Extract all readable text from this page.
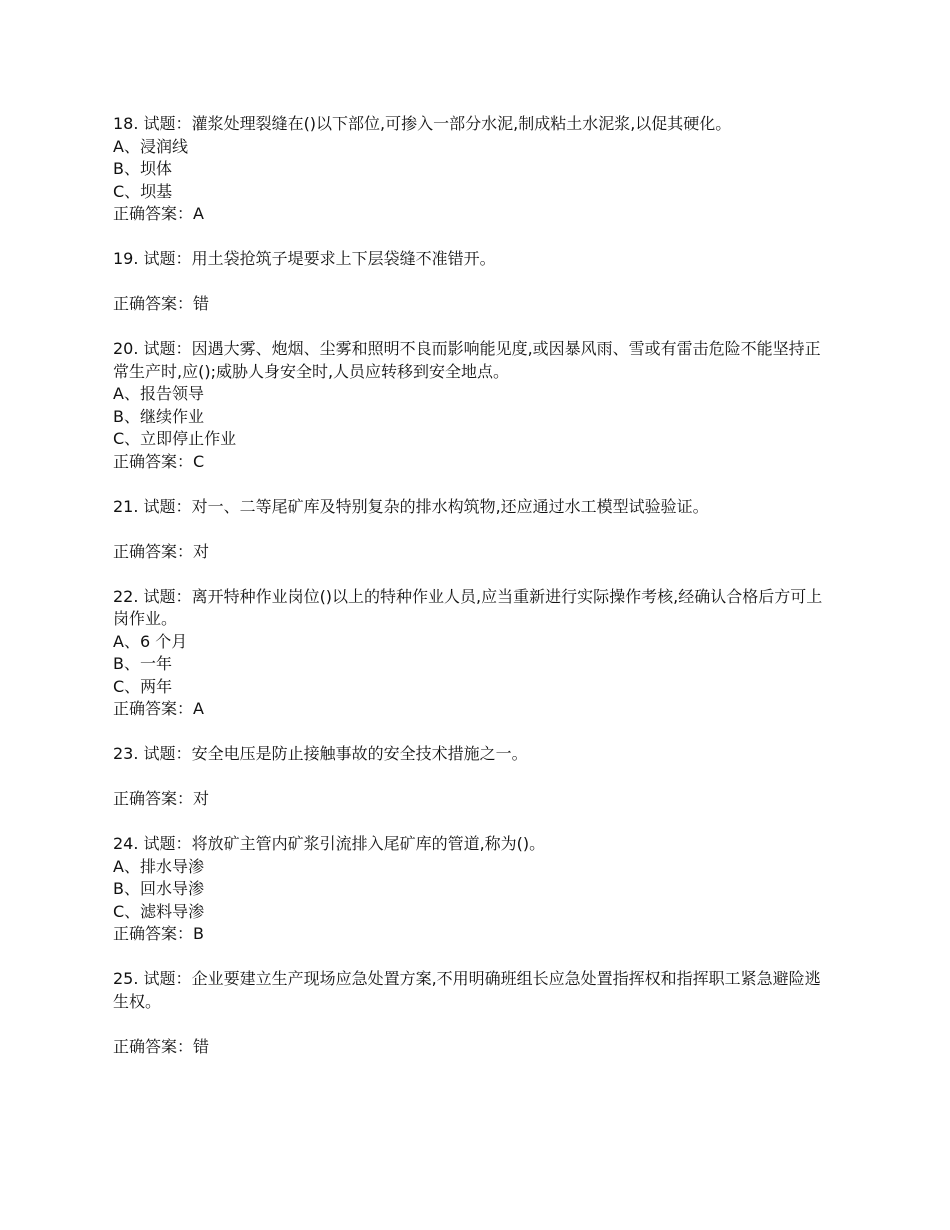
18. 试题：灌浆处理裂缝在()以下部位,可掺入一部分水泥,制成粘土水泥浆,以促其硬化。
A、浸润线
B、坝体
C、坝基
正确答案：A
19. 试题：用土袋抢筑子堤要求上下层袋缝不准错开。
正确答案：错
20. 试题：因遇大雾、炮烟、尘雾和照明不良而影响能见度,或因暴风雨、雪或有雷击危险不能坚持正常生产时,应();威胁人身安全时,人员应转移到安全地点。
A、报告领导
B、继续作业
C、立即停止作业
正确答案：C
21. 试题：对一、二等尾矿库及特别复杂的排水构筑物,还应通过水工模型试验验证。
正确答案：对
22. 试题：离开特种作业岗位()以上的特种作业人员,应当重新进行实际操作考核,经确认合格后方可上岗作业。
A、6 个月
B、一年
C、两年
正确答案：A
23. 试题：安全电压是防止接触事故的安全技术措施之一。
正确答案：对
24. 试题：将放矿主管内矿浆引流排入尾矿库的管道,称为()。
A、排水导渗
B、回水导渗
C、滤料导渗
正确答案：B
25. 试题：企业要建立生产现场应急处置方案,不用明确班组长应急处置指挥权和指挥职工紧急避险逃生权。
正确答案：错
